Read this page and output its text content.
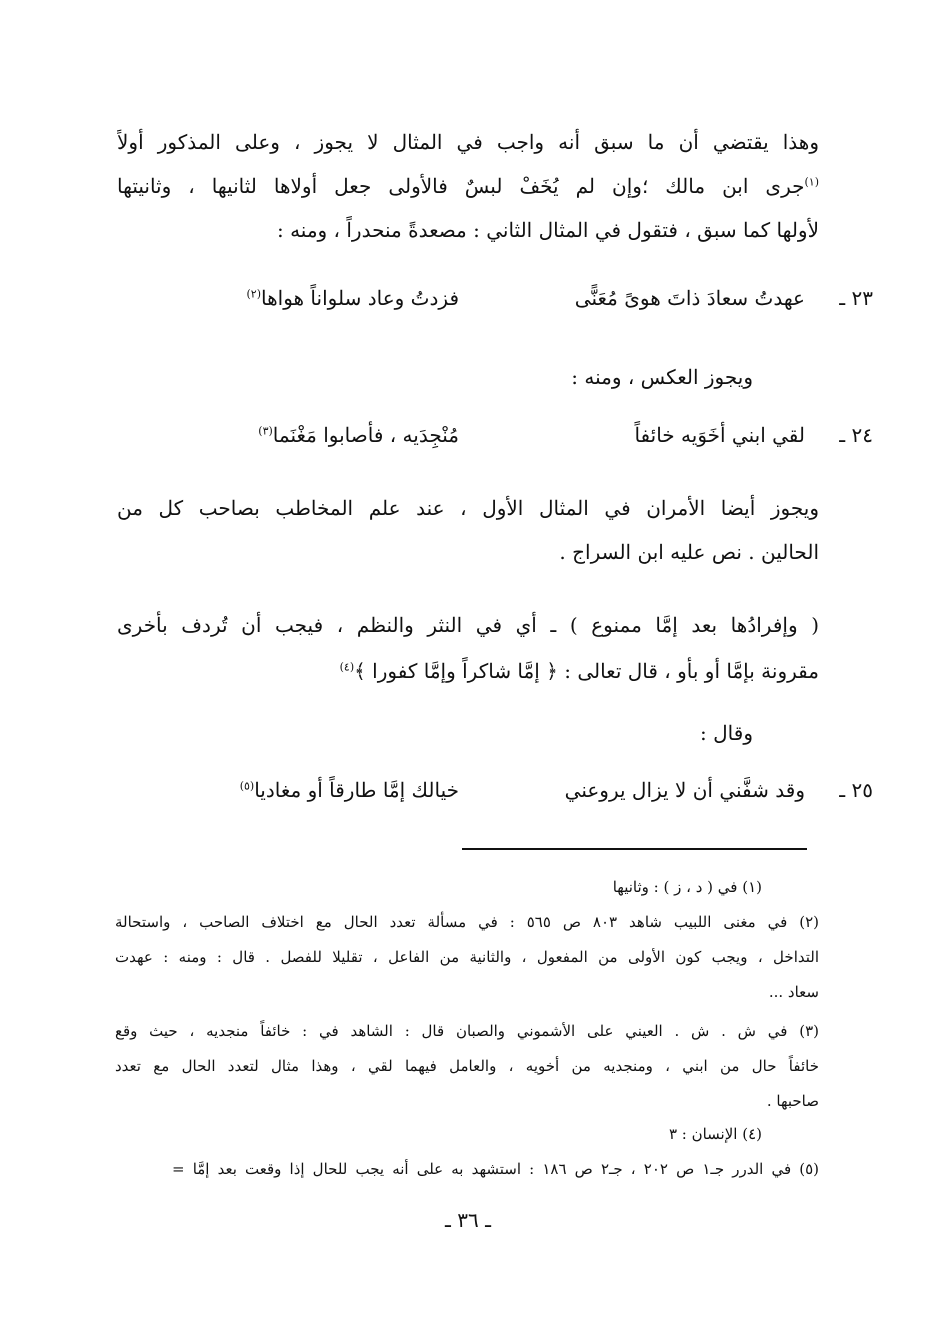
وهذا يقتضي أن ما سبق أنه واجب في المثال لا يجوز ، وعلى المذكور أولاً
$^{(١)}$جرى ابن مالك ؛وإن لم يُخَفْ لبسٌ فالأولى جعل أولاها لثانيها ، وثانيتها
لأولها كما سبق ، فتقول في المثال الثاني : مصعدةً منحدراً ، ومنه :
٢٣ ـ
عهدتُ سعادَ ذاتَ هوىً مُعَنًّى
فزدتُ وعاد سلواناً هواها$^{(٢)}$
ويجوز العكس ، ومنه :
٢٤ ـ
لقي ابني أخَوَيه خائفاً
مُنْجِدَيه ، فأصابوا مَغْنَما$^{(٣)}$
ويجوز أيضا الأمران في المثال الأول ، عند علم المخاطب بصاحب كل من
الحالين . نص عليه ابن السراج .
( وإفرادُها بعد إمَّا ممنوع ) ـ أي في النثر والنظم ، فيجب أن تُردف بأخرى
مقرونة بإمَّا أو بأو ، قال تعالى : ﴿ إمَّا شاكراً وإمَّا كفورا ﴾$^{(٤)}$
وقال :
٢٥ ـ
وقد شفَّني أن لا يزال يروعني
خيالك إمَّا طارقاً أو مغاديا$^{(٥)}$
(١) في ( د ، ز ) : وثانيها
(٢) في مغنى اللبيب شاهد ٨٠٣ ص ٥٦٥ : في مسألة تعدد الحال مع اختلاف الصاحب ، واستحالة
التداخل ، ويجب كون الأولى من المفعول ، والثانية من الفاعل ، تقليلا للفصل . قال : ومنه : عهدت
سعاد ...
(٣) في ش . ش . العيني على الأشموني والصبان قال : الشاهد في : خائفاً منجديه ، حيث وقع
خائفاً حال من ابني ، ومنجديه من أخويه ، والعامل فيهما لقي ، وهذا مثال لتعدد الحال مع تعدد
صاحبها .
(٤) الإنسان : ٣
(٥) في الدرر جـ١ ص ٢٠٢ ، جـ٢ ص ١٨٦ : استشهد به على أنه يجب للحال إذا وقعت بعد إمَّا =
ـ ٣٦ ـ
